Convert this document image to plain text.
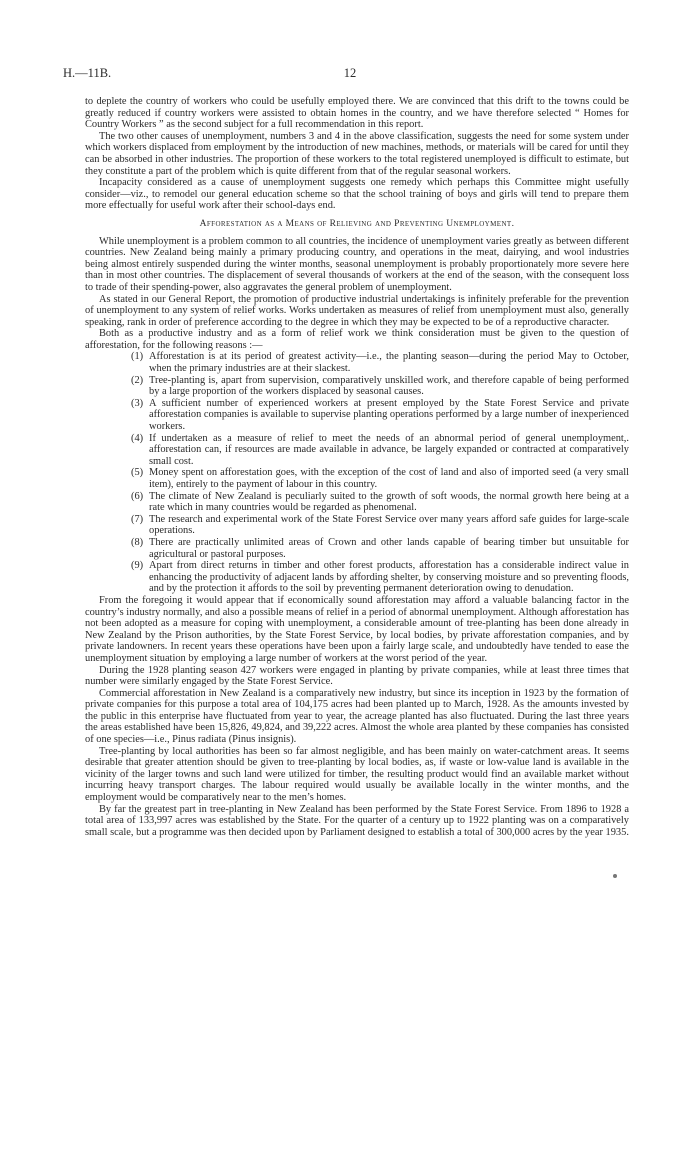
H.—11B.	12

to deplete the country of workers who could be usefully employed there. We are convinced that this drift to the towns could be greatly reduced if country workers were assisted to obtain homes in the country, and we have therefore selected “ Homes for Country Workers ” as the second subject for a full recommendation in this report.

The two other causes of unemployment, numbers 3 and 4 in the above classification, suggests the need for some system under which workers displaced from employment by the introduction of new machines, methods, or materials will be cared for until they can be absorbed in other industries. The proportion of these workers to the total registered unemployed is difficult to estimate, but they constitute a part of the problem which is quite different from that of the regular seasonal workers.

Incapacity considered as a cause of unemployment suggests one remedy which perhaps this Committee might usefully consider—viz., to remodel our general education scheme so that the school training of boys and girls will tend to prepare them more effectually for useful work after their school-days end.

Afforestation as a Means of Relieving and Preventing Unemployment.

While unemployment is a problem common to all countries, the incidence of unemployment varies greatly as between different countries. New Zealand being mainly a primary producing country, and operations in the meat, dairying, and wool industries being almost entirely suspended during the winter months, seasonal unemployment is probably proportionately more severe here than in most other countries. The displacement of several thousands of workers at the end of the season, with the consequent loss to trade of their spending-power, also aggravates the general problem of unemployment.

As stated in our General Report, the promotion of productive industrial undertakings is infinitely preferable for the prevention of unemployment to any system of relief works. Works undertaken as measures of relief from unemployment must also, generally speaking, rank in order of preference according to the degree in which they may be expected to be of a reproductive character.

Both as a productive industry and as a form of relief work we think consideration must be given to the question of afforestation, for the following reasons :—

(1) Afforestation is at its period of greatest activity—i.e., the planting season—during the period May to October, when the primary industries are at their slackest.
(2) Tree-planting is, apart from supervision, comparatively unskilled work, and therefore capable of being performed by a large proportion of the workers displaced by seasonal causes.
(3) A sufficient number of experienced workers at present employed by the State Forest Service and private afforestation companies is available to supervise planting operations performed by a large number of inexperienced workers.
(4) If undertaken as a measure of relief to meet the needs of an abnormal period of general unemployment,. afforestation can, if resources are made available in advance, be largely expanded or contracted at comparatively small cost.
(5) Money spent on afforestation goes, with the exception of the cost of land and also of imported seed (a very small item), entirely to the payment of labour in this country.
(6) The climate of New Zealand is peculiarly suited to the growth of soft woods, the normal growth here being at a rate which in many countries would be regarded as phenomenal.
(7) The research and experimental work of the State Forest Service over many years afford safe guides for large-scale operations.
(8) There are practically unlimited areas of Crown and other lands capable of bearing timber but unsuitable for agricultural or pastoral purposes.
(9) Apart from direct returns in timber and other forest products, afforestation has a considerable indirect value in enhancing the productivity of adjacent lands by affording shelter, by conserving moisture and so preventing floods, and by the protection it affords to the soil by preventing permanent deterioration owing to denudation.

From the foregoing it would appear that if economically sound afforestation may afford a valuable balancing factor in the country’s industry normally, and also a possible means of relief in a period of abnormal unemployment. Although afforestation has not been adopted as a measure for coping with unemployment, a considerable amount of tree-planting has been done already in New Zealand by the Prison authorities, by the State Forest Service, by local bodies, by private afforestation companies, and by private landowners. In recent years these operations have been upon a fairly large scale, and undoubtedly have tended to ease the unemployment situation by employing a large number of workers at the worst period of the year.

During the 1928 planting season 427 workers were engaged in planting by private companies, while at least three times that number were similarly engaged by the State Forest Service.

Commercial afforestation in New Zealand is a comparatively new industry, but since its inception in 1923 by the formation of private companies for this purpose a total area of 104,175 acres had been planted up to March, 1928. As the amounts invested by the public in this enterprise have fluctuated from year to year, the acreage planted has also fluctuated. During the last three years the areas established have been 15,826, 49,824, and 39,222 acres. Almost the whole area planted by these companies has consisted of one species—i.e., Pinus radiata (Pinus insignis).

Tree-planting by local authorities has been so far almost negligible, and has been mainly on water-catchment areas. It seems desirable that greater attention should be given to tree-planting by local bodies, as, if waste or low-value land is available in the vicinity of the larger towns and such land were utilized for timber, the resulting product would find an available market without incurring heavy transport charges. The labour required would usually be available locally in the winter months, and the employment would be comparatively near to the men’s homes.

By far the greatest part in tree-planting in New Zealand has been performed by the State Forest Service. From 1896 to 1928 a total area of 133,997 acres was established by the State. For the quarter of a century up to 1922 planting was on a comparatively small scale, but a programme was then decided upon by Parliament designed to establish a total of 300,000 acres by the year 1935.
